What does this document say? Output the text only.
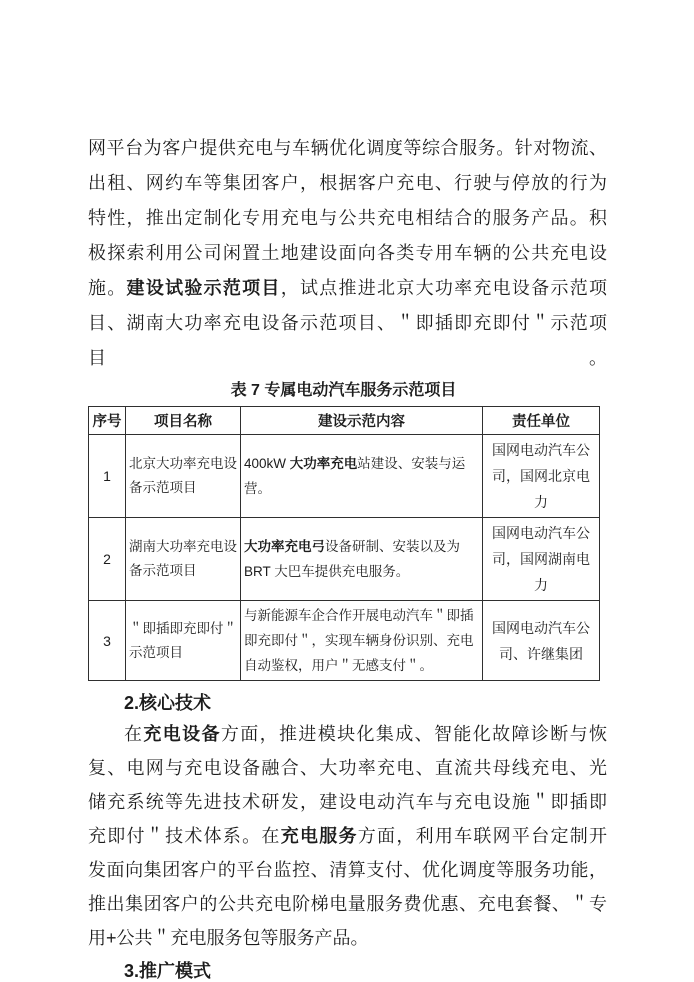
网平台为客户提供充电与车辆优化调度等综合服务。针对物流、
出租、网约车等集团客户，根据客户充电、行驶与停放的行为
特性，推出定制化专用充电与公共充电相结合的服务产品。积
极探索利用公司闲置土地建设面向各类专用车辆的公共充电设
施。建设试验示范项目，试点推进北京大功率充电设备示范项
目、湖南大功率充电设备示范项目、＂即插即充即付＂示范项目。
表 7 专属电动汽车服务示范项目
序号	项目名称	建设示范内容	责任单位
1	北京大功率充电设备示范项目	400kW 大功率充电站建设、安装与运营。	国网电动汽车公司，国网北京电力
2	湖南大功率充电设备示范项目	大功率充电弓设备研制、安装以及为 BRT 大巴车提供充电服务。	国网电动汽车公司，国网湖南电力
3	＂即插即充即付＂示范项目	与新能源车企合作开展电动汽车＂即插即充即付＂，实现车辆身份识别、充电自动鉴权，用户＂无感支付＂。	国网电动汽车公司、许继集团
2.核心技术
在充电设备方面，推进模块化集成、智能化故障诊断与恢
复、电网与充电设备融合、大功率充电、直流共母线充电、光
储充系统等先进技术研发，建设电动汽车与充电设施＂即插即
充即付＂技术体系。在充电服务方面，利用车联网平台定制开
发面向集团客户的平台监控、清算支付、优化调度等服务功能，
推出集团客户的公共充电阶梯电量服务费优惠、充电套餐、＂专
用+公共＂充电服务包等服务产品。
3.推广模式
